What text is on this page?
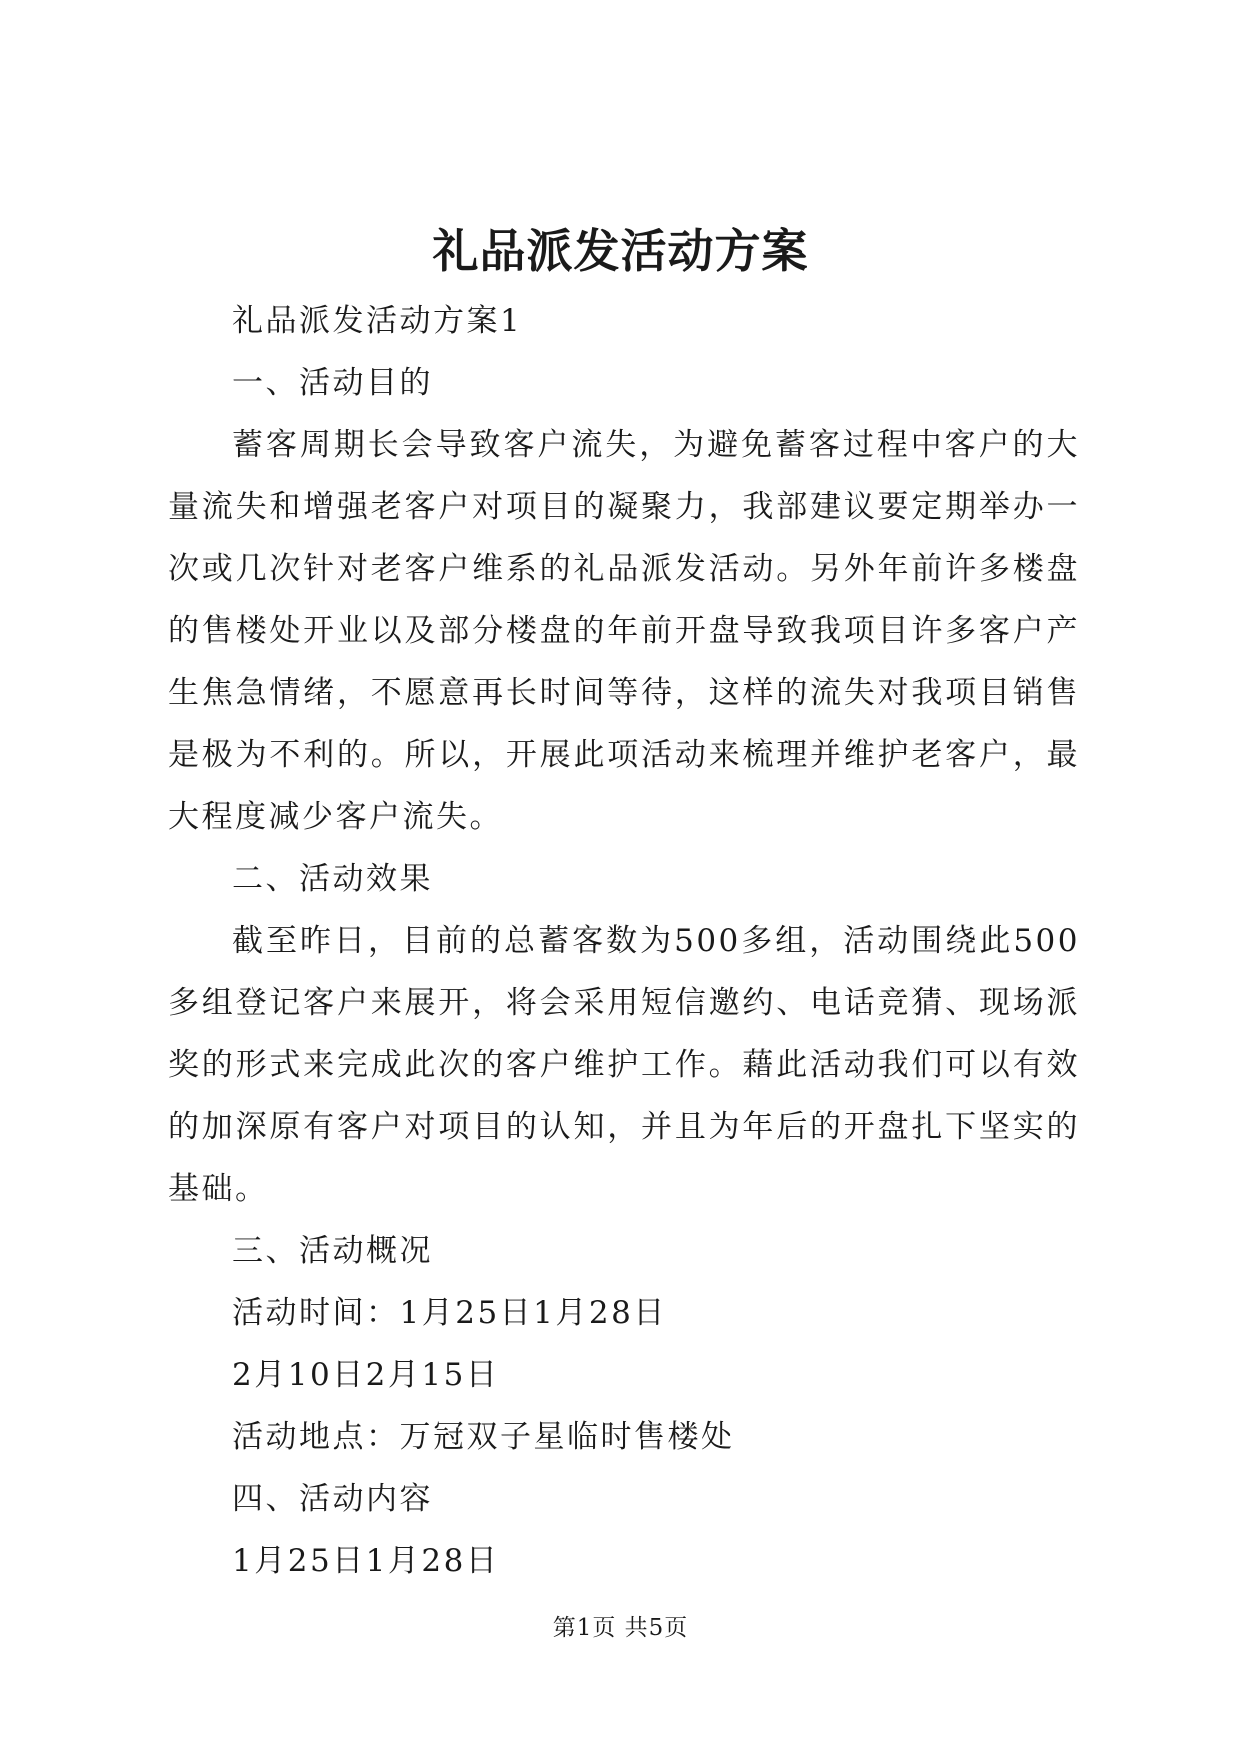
礼品派发活动方案

礼品派发活动方案1

一、活动目的

蓄客周期长会导致客户流失，为避免蓄客过程中客户的大量流失和增强老客户对项目的凝聚力，我部建议要定期举办一次或几次针对老客户维系的礼品派发活动。另外年前许多楼盘的售楼处开业以及部分楼盘的年前开盘导致我项目许多客户产生焦急情绪，不愿意再长时间等待，这样的流失对我项目销售是极为不利的。所以，开展此项活动来梳理并维护老客户，最大程度减少客户流失。

二、活动效果

截至昨日，目前的总蓄客数为500多组，活动围绕此500多组登记客户来展开，将会采用短信邀约、电话竞猜、现场派奖的形式来完成此次的客户维护工作。藉此活动我们可以有效的加深原有客户对项目的认知，并且为年后的开盘扎下坚实的基础。

三、活动概况

活动时间：1月25日1月28日

2月10日2月15日

活动地点：万冠双子星临时售楼处

四、活动内容

1月25日1月28日

第1页 共5页
